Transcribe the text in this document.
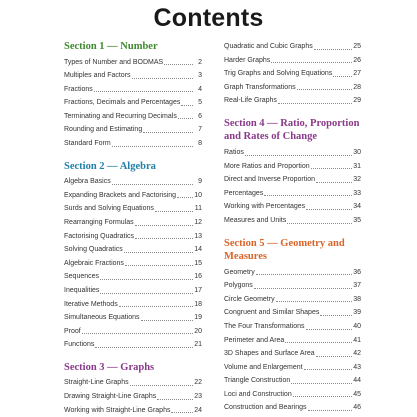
Contents
Section 1 — Number
Types of Number and BODMAS	2
Multiples and Factors	3
Fractions	4
Fractions, Decimals and Percentages	5
Terminating and Recurring Decimals	6
Rounding and Estimating	7
Standard Form	8
Section 2 — Algebra
Algebra Basics	9
Expanding Brackets and Factorising	10
Surds and Solving Equations	11
Rearranging Formulas	12
Factorising Quadratics	13
Solving Quadratics	14
Algebraic Fractions	15
Sequences	16
Inequalities	17
Iterative Methods	18
Simultaneous Equations	19
Proof	20
Functions	21
Section 3 — Graphs
Straight-Line Graphs	22
Drawing Straight-Line Graphs	23
Working with Straight-Line Graphs	24
Quadratic and Cubic Graphs	25
Harder Graphs	26
Trig Graphs and Solving Equations	27
Graph Transformations	28
Real-Life Graphs	29
Section 4 — Ratio, Proportion and Rates of Change
Ratios	30
More Ratios and Proportion	31
Direct and Inverse Proportion	32
Percentages	33
Working with Percentages	34
Measures and Units	35
Section 5 — Geometry and Measures
Geometry	36
Polygons	37
Circle Geometry	38
Congruent and Similar Shapes	39
The Four Transformations	40
Perimeter and Area	41
3D Shapes and Surface Area	42
Volume and Enlargement	43
Triangle Construction	44
Loci and Construction	45
Construction and Bearings	46
